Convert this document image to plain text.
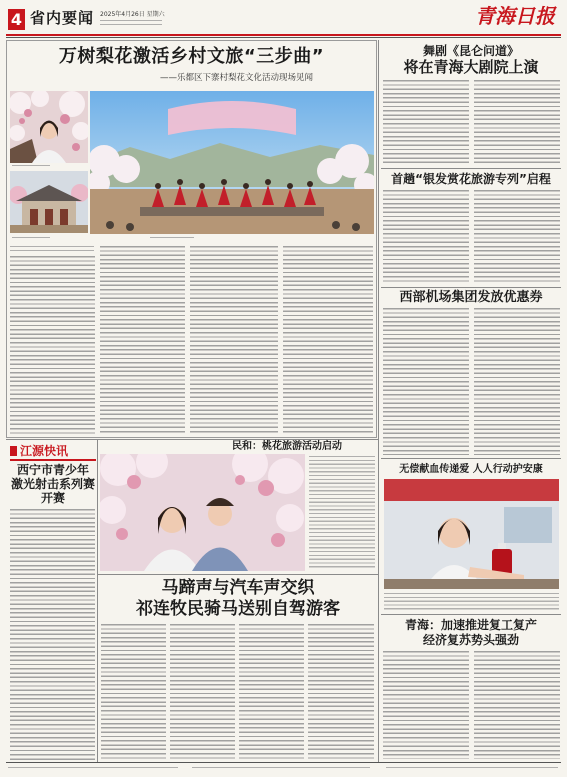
4 省内要闻 2025年4月26日 星期六	青海日报
万树梨花激活乡村文旅“三步曲”
——乐都区下寨村梨花文化活动现场见闻
舞剧《昆仑问道》
将在青海大剧院上演
首趟“银发赏花旅游专列”启程
西部机场集团发放优惠券
无偿献血传递爱 人人行动护安康
青海：加速推进复工复产
经济复苏势头强劲
江源快讯
西宁市青少年
激光射击系列赛
开赛
民和：桃花旅游活动启动
马蹄声与汽车声交织
祁连牧民骑马送别自驾游客
